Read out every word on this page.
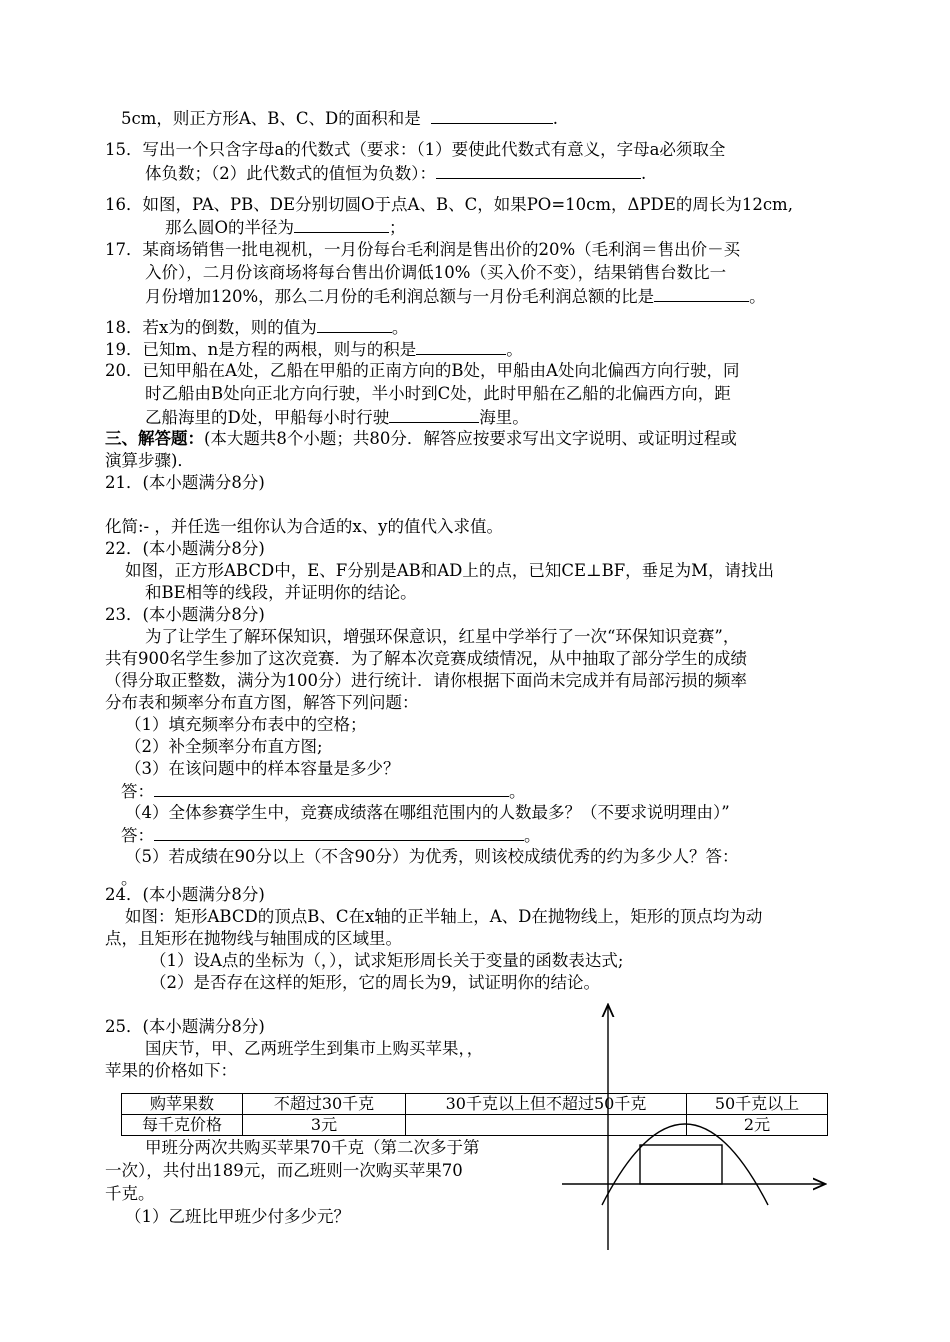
5cm，则正方形A、B、C、D的面积和是	.
15．写出一个只含字母a的代数式（要求：（1）要使此代数式有意义，字母a必须取全
体负数；（2）此代数式的值恒为负数）：	.
16．如图，PA、PB、DE分别切圆O于点A、B、C，如果PO=10cm，ΔPDE的周长为12cm,
那么圆O的半径为	；
17．某商场销售一批电视机，一月份每台毛利润是售出价的20%（毛利润＝售出价－买
入价），二月份该商场将每台售出价调低10%（买入价不变），结果销售台数比一
月份增加120%，那么二月份的毛利润总额与一月份毛利润总额的比是	。
18．若x为的倒数，则的值为	。
19．已知m、n是方程的两根，则与的积是	。
20．已知甲船在A处，乙船在甲船的正南方向的B处，甲船由A处向北偏西方向行驶，同
时乙船由B处向正北方向行驶，半小时到C处，此时甲船在乙船的北偏西方向，距
乙船海里的D处，甲船每小时行驶	海里。
三、解答题：(本大题共8个小题；共80分．解答应按要求写出文字说明、或证明过程或
演算步骤)．
21．(本小题满分8分)
化简:- ，并任选一组你认为合适的x、y的值代入求值。
22．(本小题满分8分)
如图，正方形ABCD中，E、F分别是AB和AD上的点，已知CE⊥BF，垂足为M，请找出
和BE相等的线段，并证明你的结论。
23．(本小题满分8分)
为了让学生了解环保知识，增强环保意识，红星中学举行了一次“环保知识竞赛”，
共有900名学生参加了这次竞赛．为了解本次竞赛成绩情况，从中抽取了部分学生的成绩
（得分取正整数，满分为100分）进行统计．请你根据下面尚未完成并有局部污损的频率
分布表和频率分布直方图，解答下列问题：
（1）填充频率分布表中的空格；
（2）补全频率分布直方图;
（3）在该问题中的样本容量是多少？
答：	。
（4）全体参赛学生中，竞赛成绩落在哪组范围内的人数最多？（不要求说明理由）”
答：	。
（5）若成绩在90分以上（不含90分）为优秀，则该校成绩优秀的约为多少人？答：
。
24．(本小题满分8分)
如图：矩形ABCD的顶点B、C在x轴的正半轴上，A、D在抛物线上，矩形的顶点均为动
点，且矩形在抛物线与轴围成的区域里。
（1）设A点的坐标为（，），试求矩形周长关于变量的函数表达式;
（2）是否存在这样的矩形，它的周长为9，试证明你的结论。
25．(本小题满分8分)
国庆节，甲、乙两班学生到集市上购买苹果，，
苹果的价格如下：
购苹果数	不超过30千克	30千克以上但不超过50千克	50千克以上
每千克价格	3元		2元
甲班分两次共购买苹果70千克（第二次多于第
一次），共付出189元，而乙班则一次购买苹果70
千克。
（1）乙班比甲班少付多少元？
